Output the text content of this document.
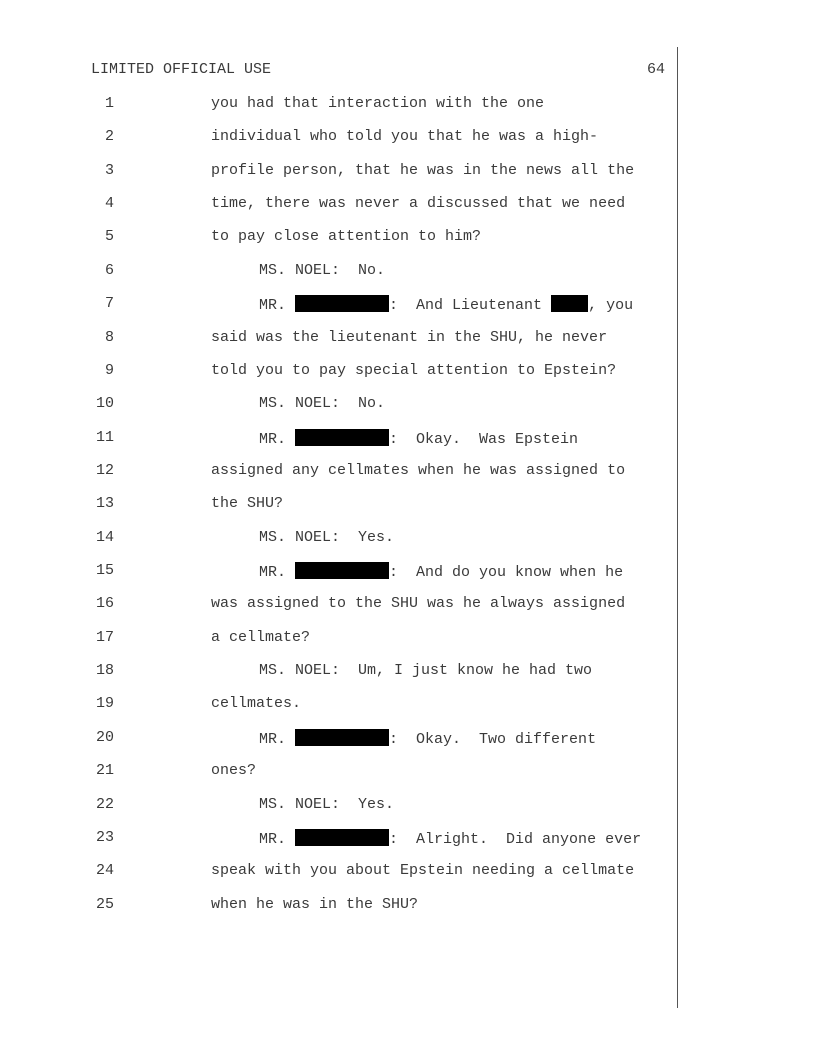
LIMITED OFFICIAL USE	64

1

	you had that interaction with the one

2

	individual who told you that he was a high-

3

	profile person, that he was in the news all the

4

	time, there was never a discussed that we need

5

	to pay close attention to him?

6

	MS. NOEL:  No.

7

	MR.	:  And Lieutenant , you

8

	said was the lieutenant in the SHU, he never

9

	told you to pay special attention to Epstein?

10

	MS. NOEL:  No.

11

	MR.	:  Okay.  Was Epstein

12

	assigned any cellmates when he was assigned to

13

	the SHU?

14

	MS. NOEL:  Yes.

15

	MR.	:  And do you know when he

16

	was assigned to the SHU was he always assigned

17

	a cellmate?

18

	MS. NOEL:  Um, I just know he had two

19

	cellmates.

20

	MR.	:  Okay.  Two different

21

	ones?

22

	MS. NOEL:  Yes.

23

	MR.	:  Alright.  Did anyone ever

24

	speak with you about Epstein needing a cellmate

25

	when he was in the SHU?
